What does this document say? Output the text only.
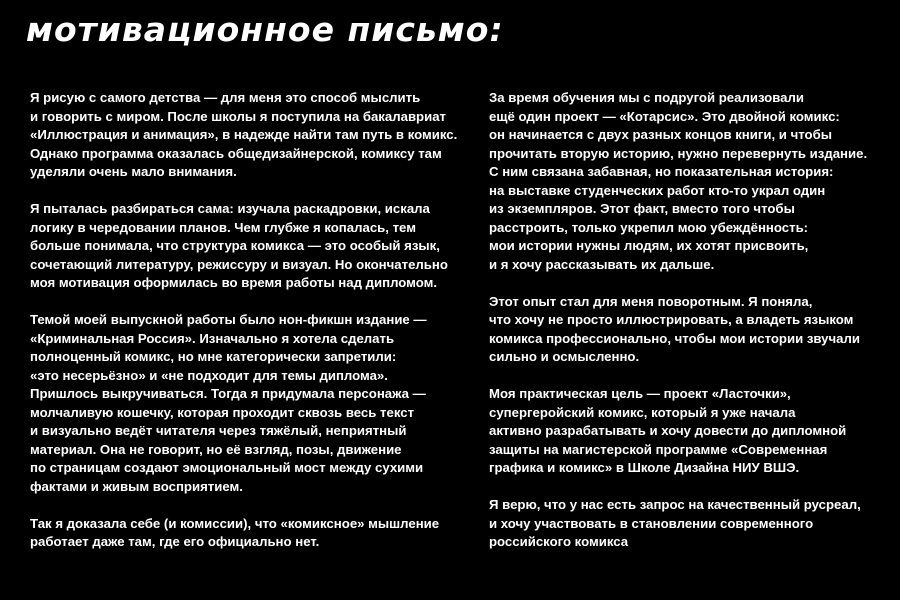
мотивационное письмо:
Я рисую с самого детства — для меня это способ мыслить
и говорить с миром. После школы я поступила на бакалавриат
«Иллюстрация и анимация», в надежде найти там путь в комикс.
Однако программа оказалась общедизайнерской, комиксу там
уделяли очень мало внимания.
Я пыталась разбираться сама: изучала раскадровки, искала
логику в чередовании планов. Чем глубже я копалась, тем
больше понимала, что структура комикса — это особый язык,
сочетающий литературу, режиссуру и визуал. Но окончательно
моя мотивация оформилась во время работы над дипломом.
Темой моей выпускной работы было нон-фикшн издание —
«Криминальная Россия». Изначально я хотела сделать
полноценный комикс, но мне категорически запретили:
«это несерьёзно» и «не подходит для темы диплома».
Пришлось выкручиваться. Тогда я придумала персонажа —
молчаливую кошечку, которая проходит сквозь весь текст
и визуально ведёт читателя через тяжёлый, неприятный
материал. Она не говорит, но её взгляд, позы, движение
по страницам создают эмоциональный мост между сухими
фактами и живым восприятием.
Так я доказала себе (и комиссии), что «комиксное» мышление
работает даже там, где его официально нет.
За время обучения мы с подругой реализовали
ещё один проект — «Котарсис». Это двойной комикс:
он начинается с двух разных концов книги, и чтобы
прочитать вторую историю, нужно перевернуть издание.
С ним связана забавная, но показательная история:
на выставке студенческих работ кто-то украл один
из экземпляров. Этот факт, вместо того чтобы
расстроить, только укрепил мою убеждённость:
мои истории нужны людям, их хотят присвоить,
и я хочу рассказывать их дальше.
Этот опыт стал для меня поворотным. Я поняла,
что хочу не просто иллюстрировать, а владеть языком
комикса профессионально, чтобы мои истории звучали
сильно и осмысленно.
Моя практическая цель — проект «Ласточки»,
супергеройский комикс, который я уже начала
активно разрабатывать и хочу довести до дипломной
защиты на магистерской программе «Современная
графика и комикс» в Школе Дизайна НИУ ВШЭ.
Я верю, что у нас есть запрос на качественный русреал,
и хочу участвовать в становлении современного
российского комикса
